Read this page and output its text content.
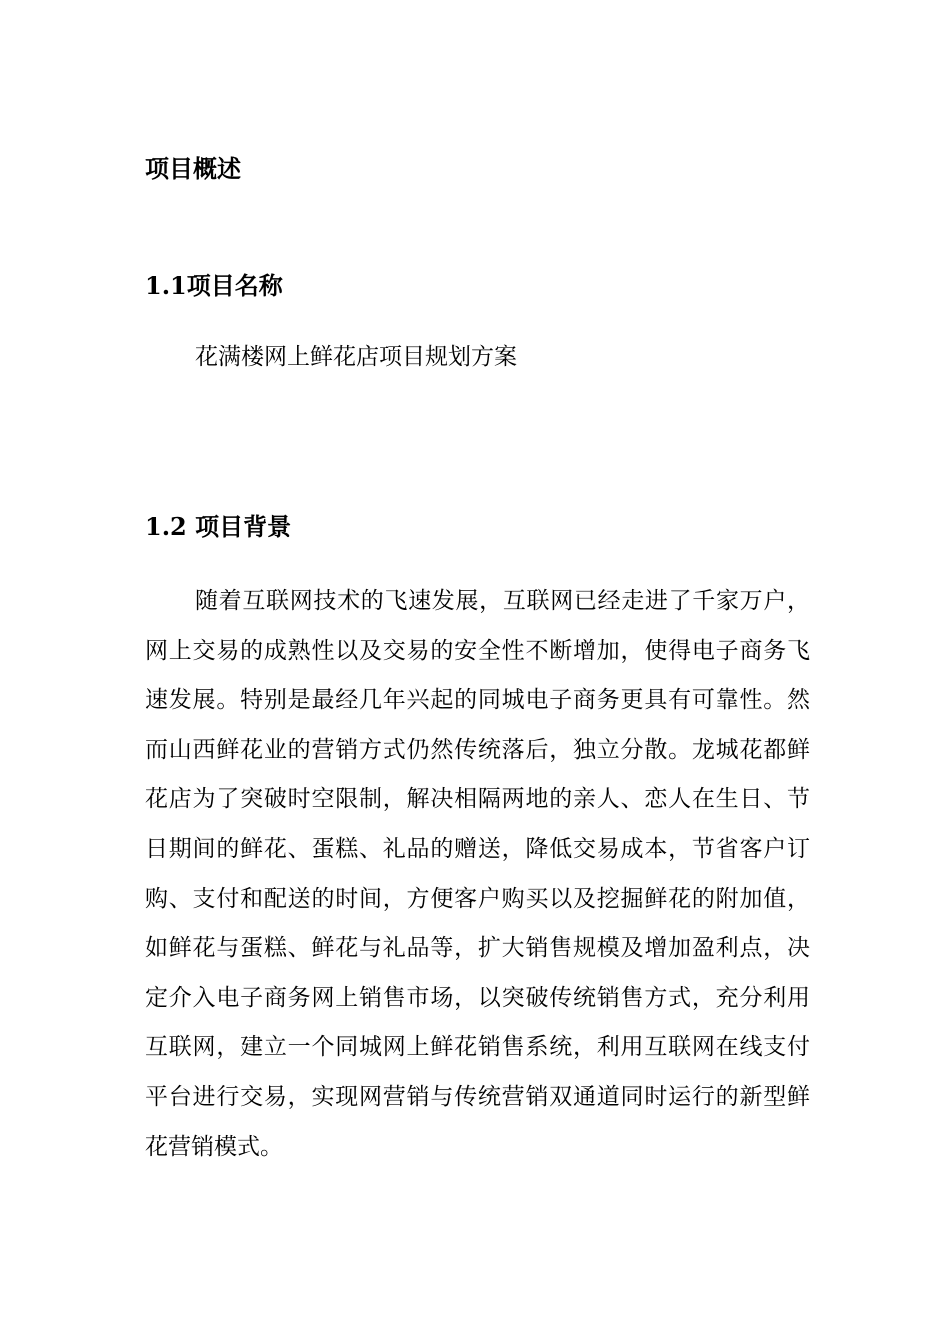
项目概述
1.1项目名称
花满楼网上鲜花店项目规划方案
1.2 项目背景

随着互联网技术的飞速发展，互联网已经走进了千家万户，网上交易的成熟性以及交易的安全性不断增加，使得电子商务飞速发展。特别是最经几年兴起的同城电子商务更具有可靠性。然而山西鲜花业的营销方式仍然传统落后，独立分散。龙城花都鲜花店为了突破时空限制，解决相隔两地的亲人、恋人在生日、节日期间的鲜花、蛋糕、礼品的赠送，降低交易成本，节省客户订购、支付和配送的时间，方便客户购买以及挖掘鲜花的附加值，如鲜花与蛋糕、鲜花与礼品等，扩大销售规模及增加盈利点，决定介入电子商务网上销售市场，以突破传统销售方式，充分利用互联网，建立一个同城网上鲜花销售系统，利用互联网在线支付平台进行交易，实现网营销与传统营销双通道同时运行的新型鲜花营销模式。
